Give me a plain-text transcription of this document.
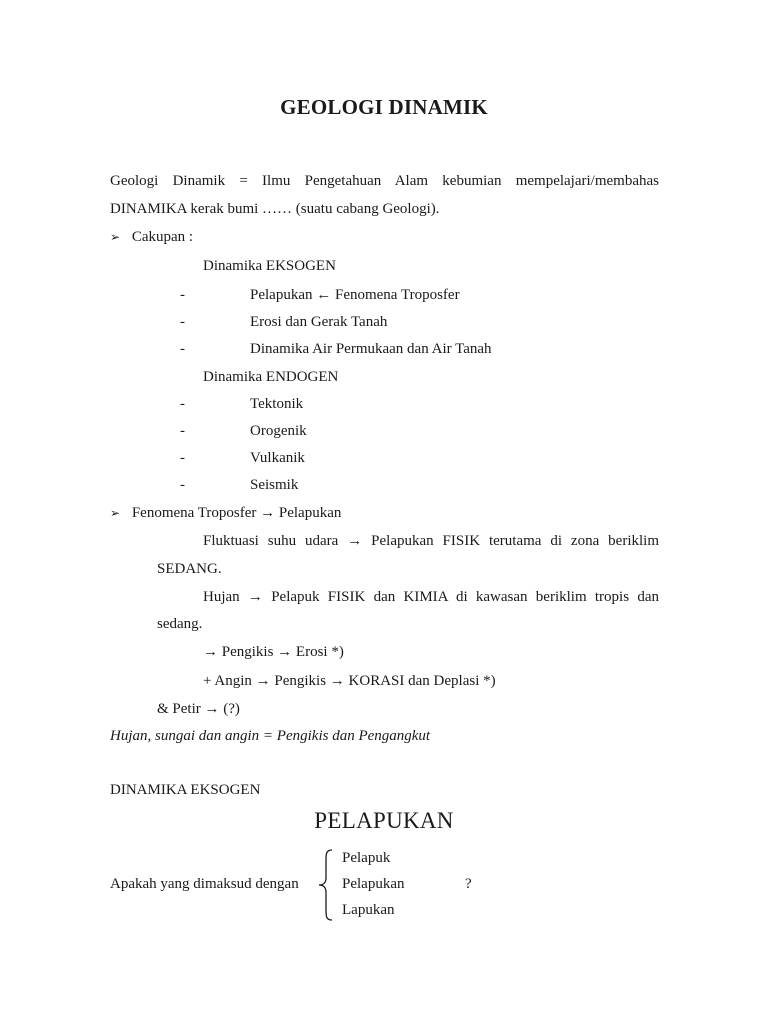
GEOLOGI DINAMIK
Geologi Dinamik = Ilmu Pengetahuan Alam kebumian mempelajari/membahas
DINAMIKA kerak bumi …… (suatu cabang Geologi).
➢ Cakupan :
Dinamika EKSOGEN
-	Pelapukan ← Fenomena Troposfer
-	Erosi dan Gerak Tanah
-	Dinamika Air Permukaan dan Air Tanah
Dinamika ENDOGEN
-	Tektonik
-	Orogenik
-	Vulkanik
-	Seismik
➢ Fenomena Troposfer → Pelapukan
Fluktuasi suhu udara → Pelapukan FISIK terutama di zona beriklim
SEDANG.
Hujan → Pelapuk FISIK dan KIMIA di kawasan beriklim tropis dan
sedang.
→ Pengikis → Erosi *)
+ Angin → Pengikis → KORASI dan Deplasi *)
& Petir → (?)
Hujan, sungai dan angin = Pengikis dan Pengangkut
DINAMIKA EKSOGEN
PELAPUKAN
Apakah yang dimaksud dengan
Pelapuk
Pelapukan
Lapukan
?
